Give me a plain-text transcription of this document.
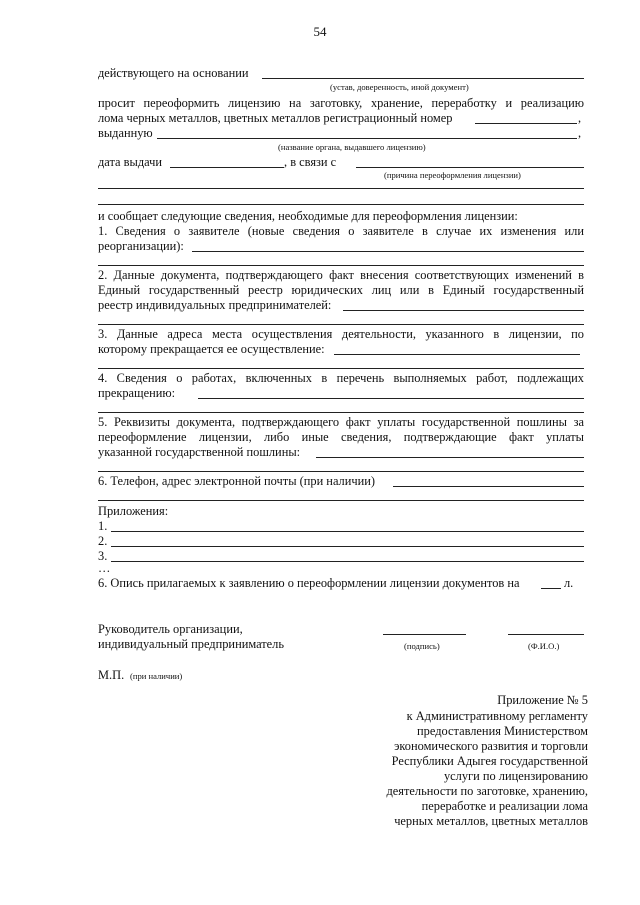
54
действующего на основании
(устав, доверенность, иной документ)
просит переоформить лицензию на заготовку, хранение, переработку и реализацию
лома черных металлов, цветных металлов регистрационный номер	,
выданную	,
(название органа, выдавшего лицензию)
дата выдачи	, в связи с
(причина переоформления лицензии)
и сообщает следующие сведения, необходимые для переоформления лицензии:
1. Сведения о заявителе (новые сведения о заявителе в случае их изменения или
реорганизации):
2. Данные документа, подтверждающего факт внесения соответствующих изменений в
Единый государственный реестр юридических лиц или в Единый государственный
реестр индивидуальных предпринимателей:
3. Данные адреса места осуществления деятельности, указанного в лицензии, по
которому прекращается ее осуществление:
4. Сведения о работах, включенных в перечень выполняемых работ, подлежащих
прекращению:
5. Реквизиты документа, подтверждающего факт уплаты государственной пошлины за
переоформление лицензии, либо иные сведения, подтверждающие факт уплаты
указанной государственной пошлины:
6. Телефон, адрес электронной почты (при наличии)
Приложения:
1.
2.
3.
…
6. Опись прилагаемых к заявлению о переоформлении лицензии документов на	л.
Руководитель организации,
индивидуальный предприниматель	(подпись)	(Ф.И.О.)
М.П. (при наличии)
Приложение № 5
к Административному регламенту
предоставления Министерством
экономического развития и торговли
Республики Адыгея государственной
услуги по лицензированию
деятельности по заготовке, хранению,
переработке и реализации лома
черных металлов, цветных металлов
